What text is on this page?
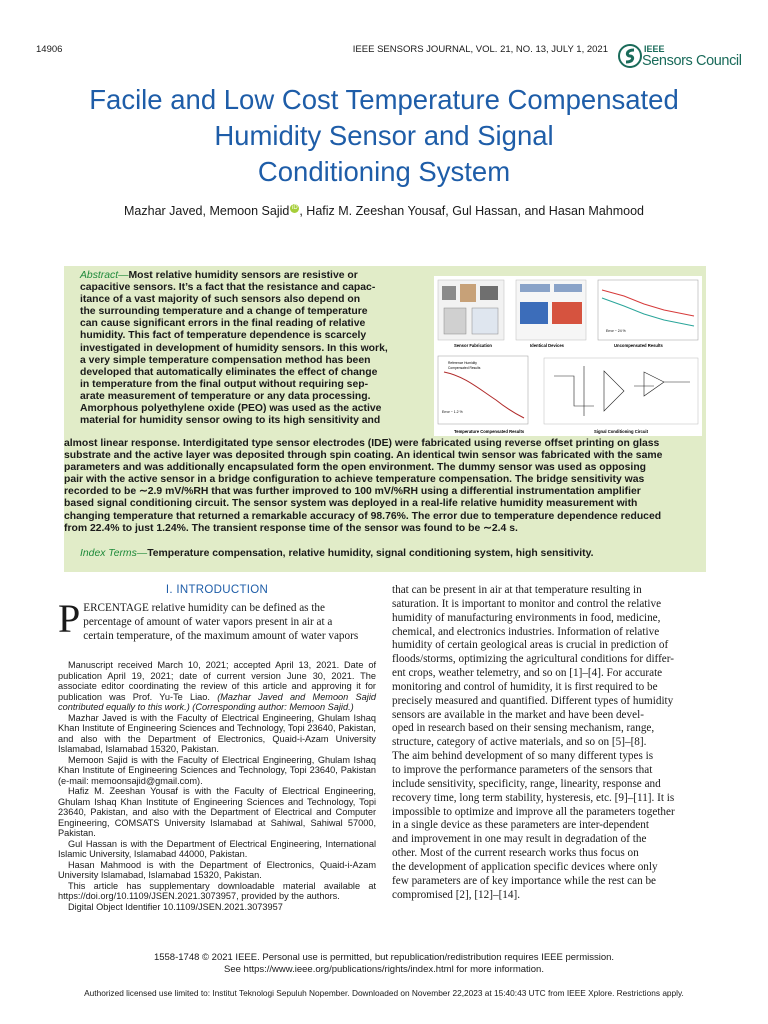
14906	IEEE SENSORS JOURNAL, VOL. 21, NO. 13, JULY 1, 2021	IEEE
Sensors Council
Facile and Low Cost Temperature Compensated
Humidity Sensor and Signal
Conditioning System
Mazhar Javed, Memoon Sajid iD , Hafiz M. Zeeshan Yousaf, Gul Hassan, and Hasan Mahmood
Abstract—Most relative humidity sensors are resistive or
capacitive sensors. It’s a fact that the resistance and capac-
itance of a vast majority of such sensors also depend on
the surrounding temperature and a change of temperature
can cause significant errors in the final reading of relative
humidity. This fact of temperature dependence is scarcely
investigated in development of humidity sensors. In this work,
a very simple temperature compensation method has been
developed that automatically eliminates the effect of change
in temperature from the final output without requiring sep-
arate measurement of temperature or any data processing.
Amorphous polyethylene oxide (PEO) was used as the active
material for humidity sensor owing to its high sensitivity and
almost linear response. Interdigitated type sensor electrodes (IDE) were fabricated using reverse offset printing on glass
substrate and the active layer was deposited through spin coating. An identical twin sensor was fabricated with the same
parameters and was additionally encapsulated form the open environment. The dummy sensor was used as opposing
pair with the active sensor in a bridge configuration to achieve temperature compensation. The bridge sensitivity was
recorded to be ∼2.9 mV/%RH that was further improved to 100 mV/%RH using a differential instrumentation amplifier
based signal conditioning circuit. The sensor system was deployed in a real-life relative humidity measurement with
changing temperature that returned a remarkable accuracy of 98.76%. The error due to temperature dependence reduced
from 22.4% to just 1.24%. The transient response time of the sensor was found to be ∼2.4 s.
Index Terms—Temperature compensation, relative humidity, signal conditioning system, high sensitivity.
Sensor Fabrication	Identical Devices
Error ~ 24 %
Uncompensated Results
Reference Humidity
Compensated Results
Error ~ 1.2 %
Temperature Compensated Results	Signal Conditioning Circuit
I. INTRODUCTION
P ERCENTAGE relative humidity can be defined as the
percentage of amount of water vapors present in air at a
certain temperature, of the maximum amount of water vapors

Manuscript received March 10, 2021; accepted April 13, 2021. Date of publication April 19, 2021; date of current version June 30, 2021. The associate editor coordinating the review of this article and approving it for publication was Prof. Yu-Te Liao. (Mazhar Javed and Memoon Sajid contributed equally to this work.) (Corresponding author: Memoon Sajid.)

Mazhar Javed is with the Faculty of Electrical Engineering, Ghulam Ishaq Khan Institute of Engineering Sciences and Technology, Topi 23640, Pakistan, and also with the Department of Electronics, Quaid-i-Azam University Islamabad, Islamabad 15320, Pakistan.

Memoon Sajid is with the Faculty of Electrical Engineering, Ghulam Ishaq Khan Institute of Engineering Sciences and Technology, Topi 23640, Pakistan (e-mail: memoonsajid@gmail.com).

Hafiz M. Zeeshan Yousaf is with the Faculty of Electrical Engineering, Ghulam Ishaq Khan Institute of Engineering Sciences and Technology, Topi 23640, Pakistan, and also with the Department of Electrical and Computer Engineering, COMSATS University Islamabad at Sahiwal, Sahiwal 57000, Pakistan.

Gul Hassan is with the Department of Electrical Engineering, International Islamic University, Islamabad 44000, Pakistan.

Hasan Mahmood is with the Department of Electronics, Quaid-i-Azam University Islamabad, Islamabad 15320, Pakistan.

This article has supplementary downloadable material available at https://doi.org/10.1109/JSEN.2021.3073957, provided by the authors.

Digital Object Identifier 10.1109/JSEN.2021.3073957

that can be present in air at that temperature resulting in
saturation. It is important to monitor and control the relative
humidity of manufacturing environments in food, medicine,
chemical, and electronics industries. Information of relative
humidity of certain geological areas is crucial in prediction of
floods/storms, optimizing the agricultural conditions for differ-
ent crops, weather telemetry, and so on [1]–[4]. For accurate
monitoring and control of humidity, it is first required to be
precisely measured and quantified. Different types of humidity
sensors are available in the market and have been devel-
oped in research based on their sensing mechanism, range,
structure, category of active materials, and so on [5]–[8].
The aim behind development of so many different types is
to improve the performance parameters of the sensors that
include sensitivity, specificity, range, linearity, response and
recovery time, long term stability, hysteresis, etc. [9]–[11]. It is
impossible to optimize and improve all the parameters together
in a single device as these parameters are inter-dependent
and improvement in one may result in degradation of the
other. Most of the current research works thus focus on
the development of application specific devices where only
few parameters are of key importance while the rest can be
compromised [2], [12]–[14].
1558-1748 © 2021 IEEE. Personal use is permitted, but republication/redistribution requires IEEE permission.
See https://www.ieee.org/publications/rights/index.html for more information.
Authorized licensed use limited to: Institut Teknologi Sepuluh Nopember. Downloaded on November 22,2023 at 15:40:43 UTC from IEEE Xplore. Restrictions apply.
